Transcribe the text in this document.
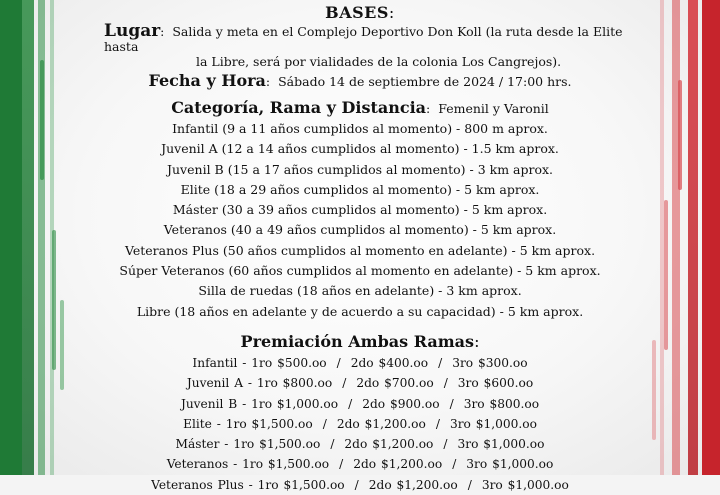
BASES:
Lugar:  Salida y meta en el Complejo Deportivo Don Koll (la ruta desde la Elite hasta
la Libre, será por vialidades de la colonia Los Cangrejos).
Fecha y Hora:  Sábado 14 de septiembre de 2024 / 17:00 hrs.
Categoría, Rama y Distancia:  Femenil y Varonil
Infantil (9 a 11 años cumplidos al momento) - 800 m aprox.
Juvenil A (12 a 14 años cumplidos al momento) - 1.5 km aprox.
Juvenil B (15 a 17 años cumplidos al momento) - 3 km aprox.
Elite (18 a 29 años cumplidos al momento) - 5 km aprox.
Máster (30 a 39 años cumplidos al momento) - 5 km aprox.
Veteranos (40 a 49 años cumplidos al momento) - 5 km aprox.
Veteranos Plus (50 años cumplidos al momento en adelante) - 5 km aprox.
Súper Veteranos (60 años cumplidos al momento en adelante) - 5 km aprox.
Silla de ruedas (18 años en adelante) - 3 km aprox.
Libre (18 años en adelante y de acuerdo a su capacidad) - 5 km aprox.
Premiación Ambas Ramas:
Infantil - 1ro $500.oo / 2do $400.oo / 3ro $300.oo
Juvenil A - 1ro $800.oo / 2do $700.oo / 3ro $600.oo
Juvenil B - 1ro $1,000.oo / 2do $900.oo / 3ro $800.oo
Elite - 1ro $1,500.oo / 2do $1,200.oo / 3ro $1,000.oo
Máster - 1ro $1,500.oo / 2do $1,200.oo / 3ro $1,000.oo
Veteranos - 1ro $1,500.oo / 2do $1,200.oo / 3ro $1,000.oo
Veteranos Plus - 1ro $1,500.oo / 2do $1,200.oo / 3ro $1,000.oo
